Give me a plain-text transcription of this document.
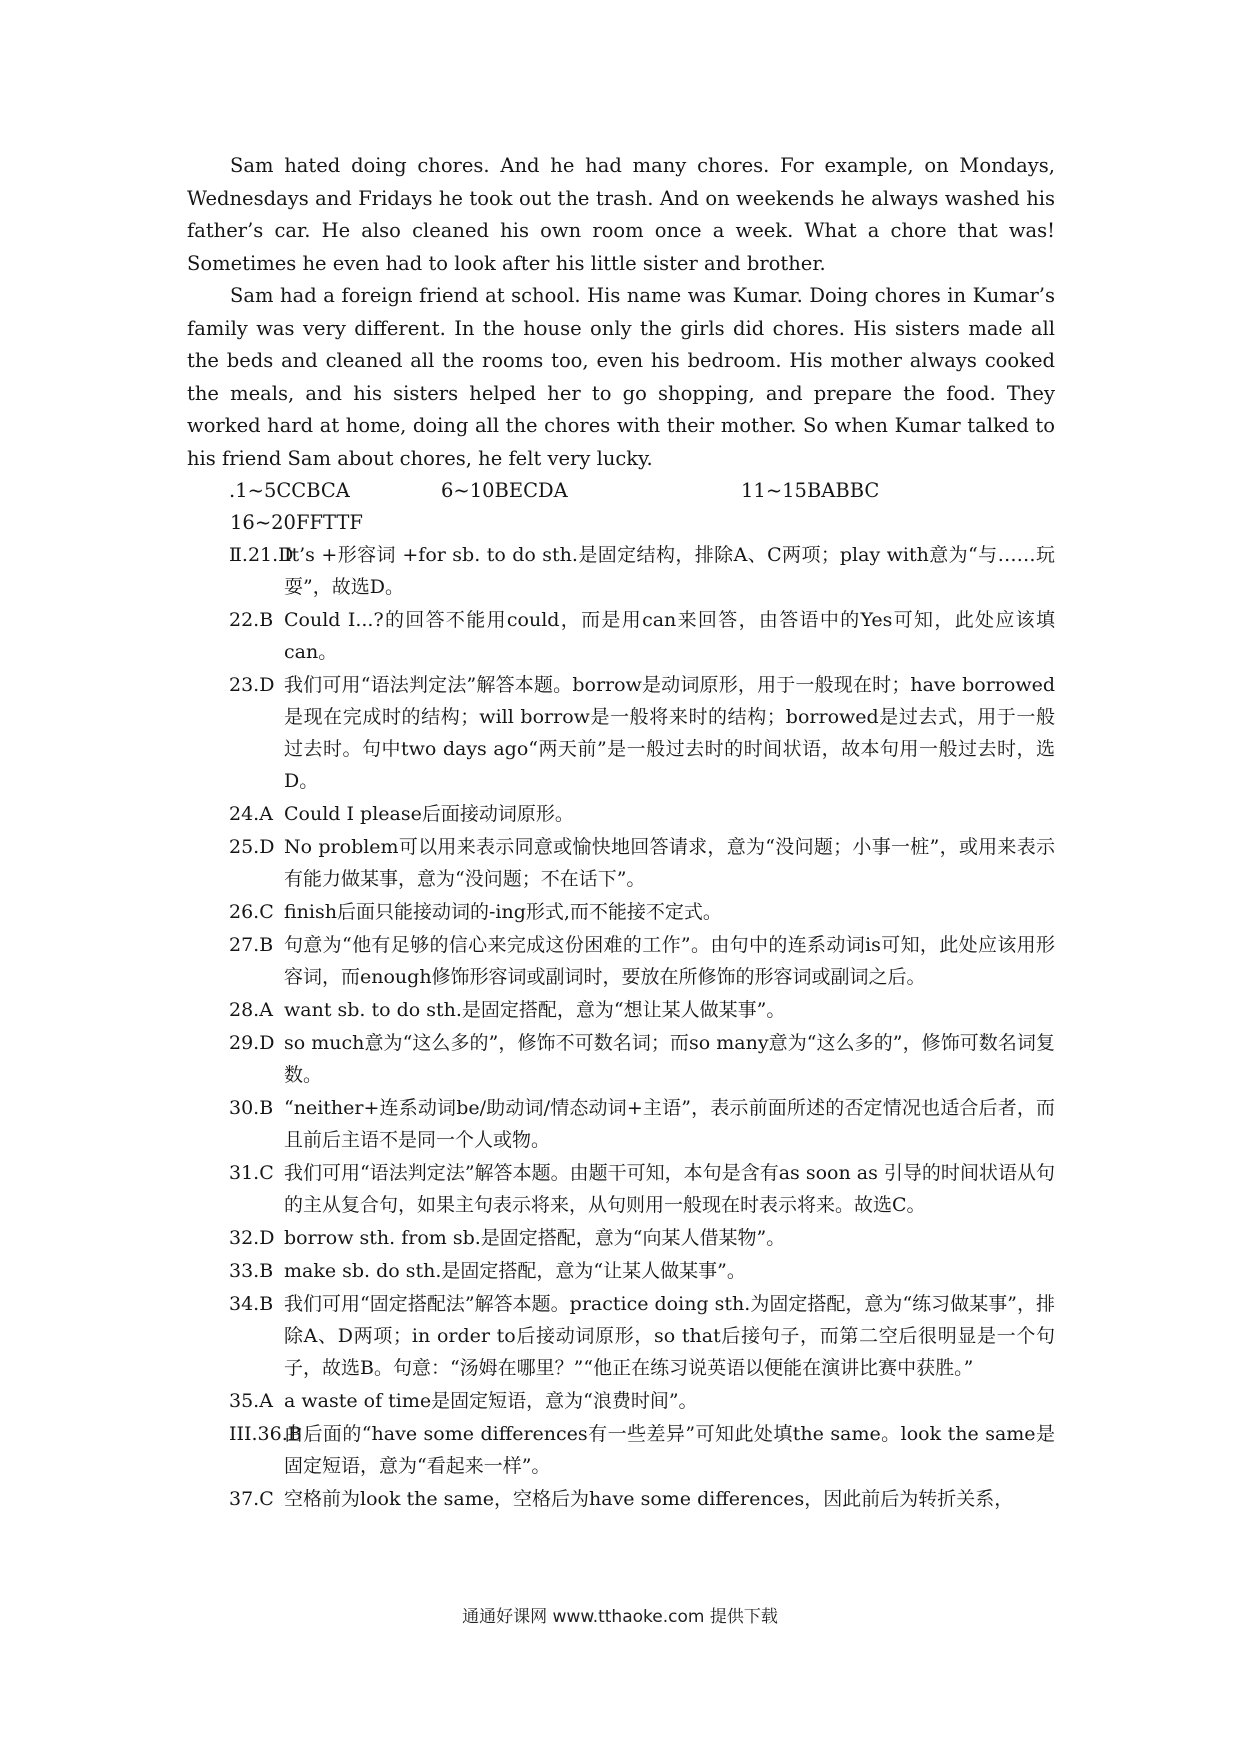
Sam hated doing chores. And he had many chores. For example, on Mondays, Wednesdays and Fridays he took out the trash. And on weekends he always washed his father’s car. He also cleaned his own room once a week. What a chore that was! Sometimes he even had to look after his little sister and brother.

Sam had a foreign friend at school. His name was Kumar. Doing chores in Kumar’s family was very different. In the house only the girls did chores. His sisters made all the beds and cleaned all the rooms too, even his bedroom. His mother always cooked the meals, and his sisters helped her to go shopping, and prepare the food. They worked hard at home, doing all the chores with their mother. So when Kumar talked to his friend Sam about chores, he felt very lucky.

.1~5CCBCA	6~10BECDA	11~15BABBC
16~20FFTTF
Ⅱ.21.D
It’s +形容词 +for sb. to do sth.是固定结构，排除A、C两项；play with意为“与……玩耍”，故选D。
22.B Could I...?的回答不能用could，而是用can来回答，由答语中的Yes可知，此处应该填can。
23.D 我们可用“语法判定法”解答本题。borrow是动词原形，用于一般现在时；have borrowed是现在完成时的结构；will borrow是一般将来时的结构；borrowed是过去式，用于一般过去时。句中two days ago“两天前”是一般过去时的时间状语，故本句用一般过去时，选D。
24.A Could I please后面接动词原形。
25.D No problem可以用来表示同意或愉快地回答请求，意为“没问题；小事一桩”，或用来表示有能力做某事，意为“没问题；不在话下”。
26.C finish后面只能接动词的-ing形式,而不能接不定式。
27.B 句意为“他有足够的信心来完成这份困难的工作”。由句中的连系动词is可知，此处应该用形容词，而enough修饰形容词或副词时，要放在所修饰的形容词或副词之后。
28.A want sb. to do sth.是固定搭配，意为“想让某人做某事”。
29.D so much意为“这么多的”，修饰不可数名词；而so many意为“这么多的”，修饰可数名词复数。
30.B “neither+连系动词be/助动词/情态动词+主语”，表示前面所述的否定情况也适合后者，而且前后主语不是同一个人或物。
31.C 我们可用“语法判定法”解答本题。由题干可知，本句是含有as soon as 引导的时间状语从句的主从复合句，如果主句表示将来，从句则用一般现在时表示将来。故选C。
32.D borrow sth. from sb.是固定搭配，意为“向某人借某物”。
33.B make sb. do sth.是固定搭配，意为“让某人做某事”。
34.B 我们可用“固定搭配法”解答本题。practice doing sth.为固定搭配，意为“练习做某事”，排除A、D两项；in order to后接动词原形，so that后接句子，而第二空后很明显是一个句子，故选B。句意：“汤姆在哪里？”“他正在练习说英语以便能在演讲比赛中获胜。”
35.A a waste of time是固定短语，意为“浪费时间”。
III.36.B
由后面的“have some differences有一些差异”可知此处填the same。look the same是固定短语，意为“看起来一样”。
37.C 空格前为look the same，空格后为have some differences，因此前后为转折关系，
通通好课网 www.tthaoke.com 提供下载
